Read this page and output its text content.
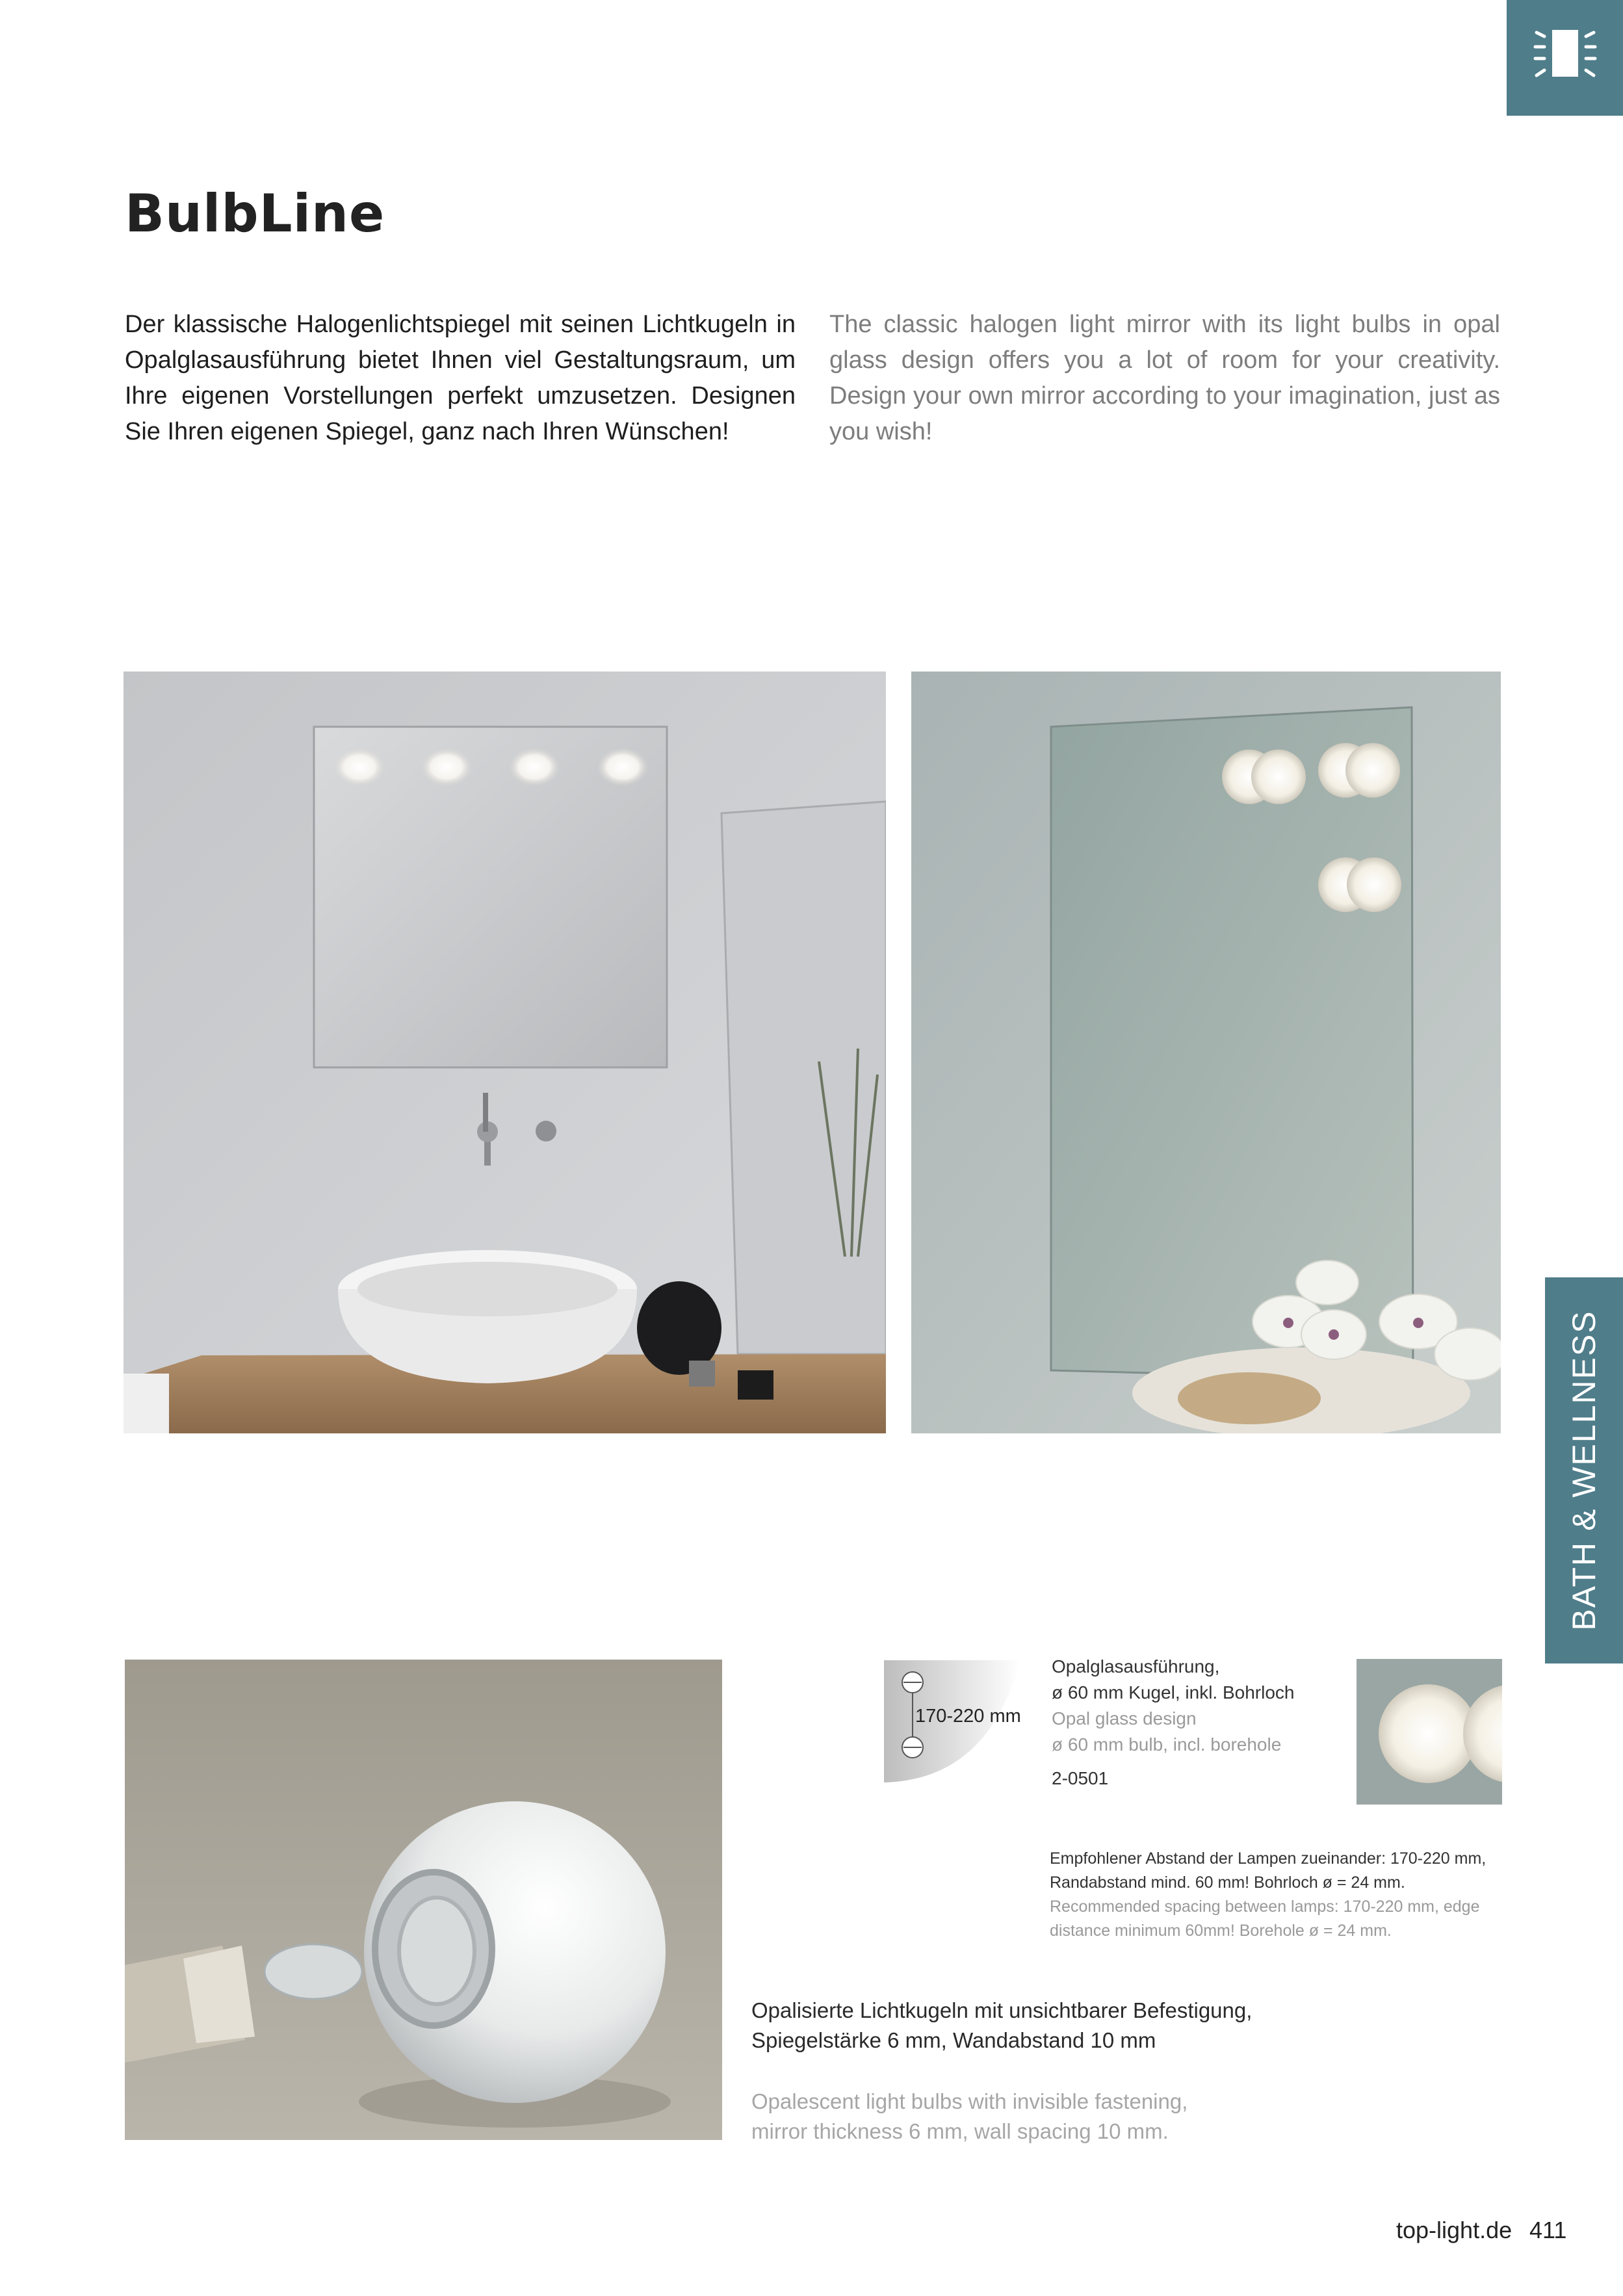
BulbLine
Der klassische Halogenlichtspiegel mit seinen Lichtkugeln in Opalglasausführung bietet Ihnen viel Gestaltungsraum, um Ihre eigenen Vorstellungen perfekt umzusetzen. Designen Sie Ihren eigenen Spiegel, ganz nach Ihren Wünschen!
The classic halogen light mirror with its light bulbs in opal glass design offers you a lot of room for your creativity. Design your own mirror according to your imagination, just as you wish!
BATH & WELLNESS
170-220 mm
Opalglasausführung,
ø 60 mm Kugel, inkl. Bohrloch
Opal glass design
ø 60 mm bulb, incl. borehole
2-0501
Empfohlener Abstand der Lampen zueinander: 170-220 mm,
Randabstand mind. 60 mm! Bohrloch ø = 24 mm.
Recommended spacing between lamps: 170-220 mm, edge
distance minimum 60mm! Borehole ø = 24 mm.
Opalisierte Lichtkugeln mit unsichtbarer Befestigung,
Spiegelstärke 6 mm, Wandabstand 10 mm
Opalescent light bulbs with invisible fastening,
mirror thickness 6 mm, wall spacing 10 mm.
top-light.de 411
